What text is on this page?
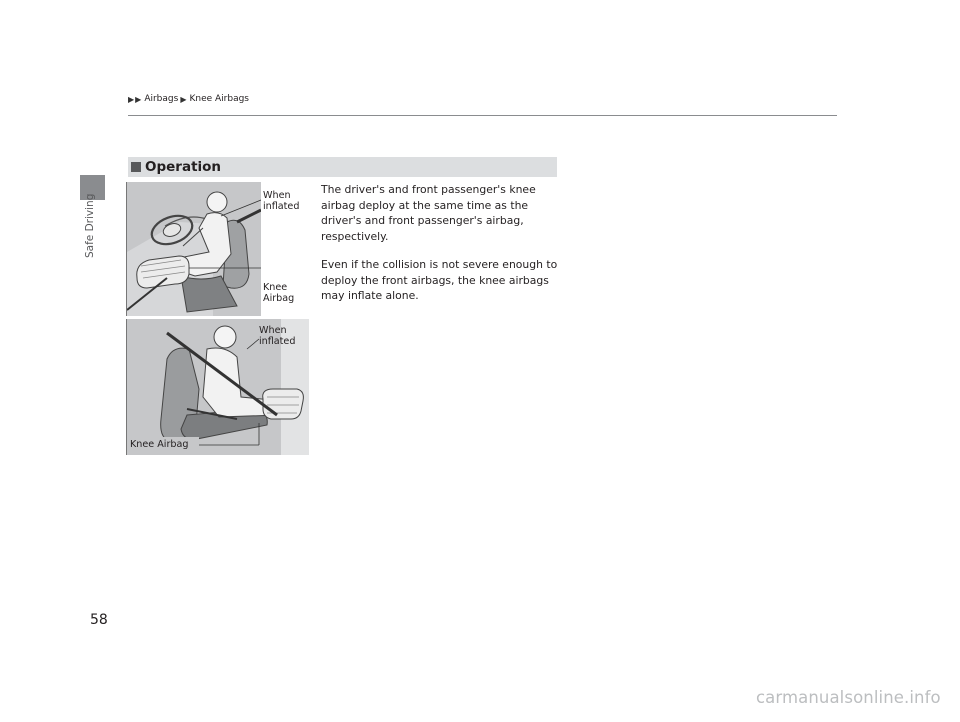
Safe Driving
▶ ▶ Airbags ▶ Knee Airbags
Operation

The driver's and front passenger's knee airbag deploy at the same time as the driver's and front passenger's airbag, respectively.

Even if the collision is not severe enough to deploy the front airbags, the knee airbags may inflate alone.

When
inflated
Knee
Airbag
When
inflated
Knee Airbag
58
carmanualsonline.info
